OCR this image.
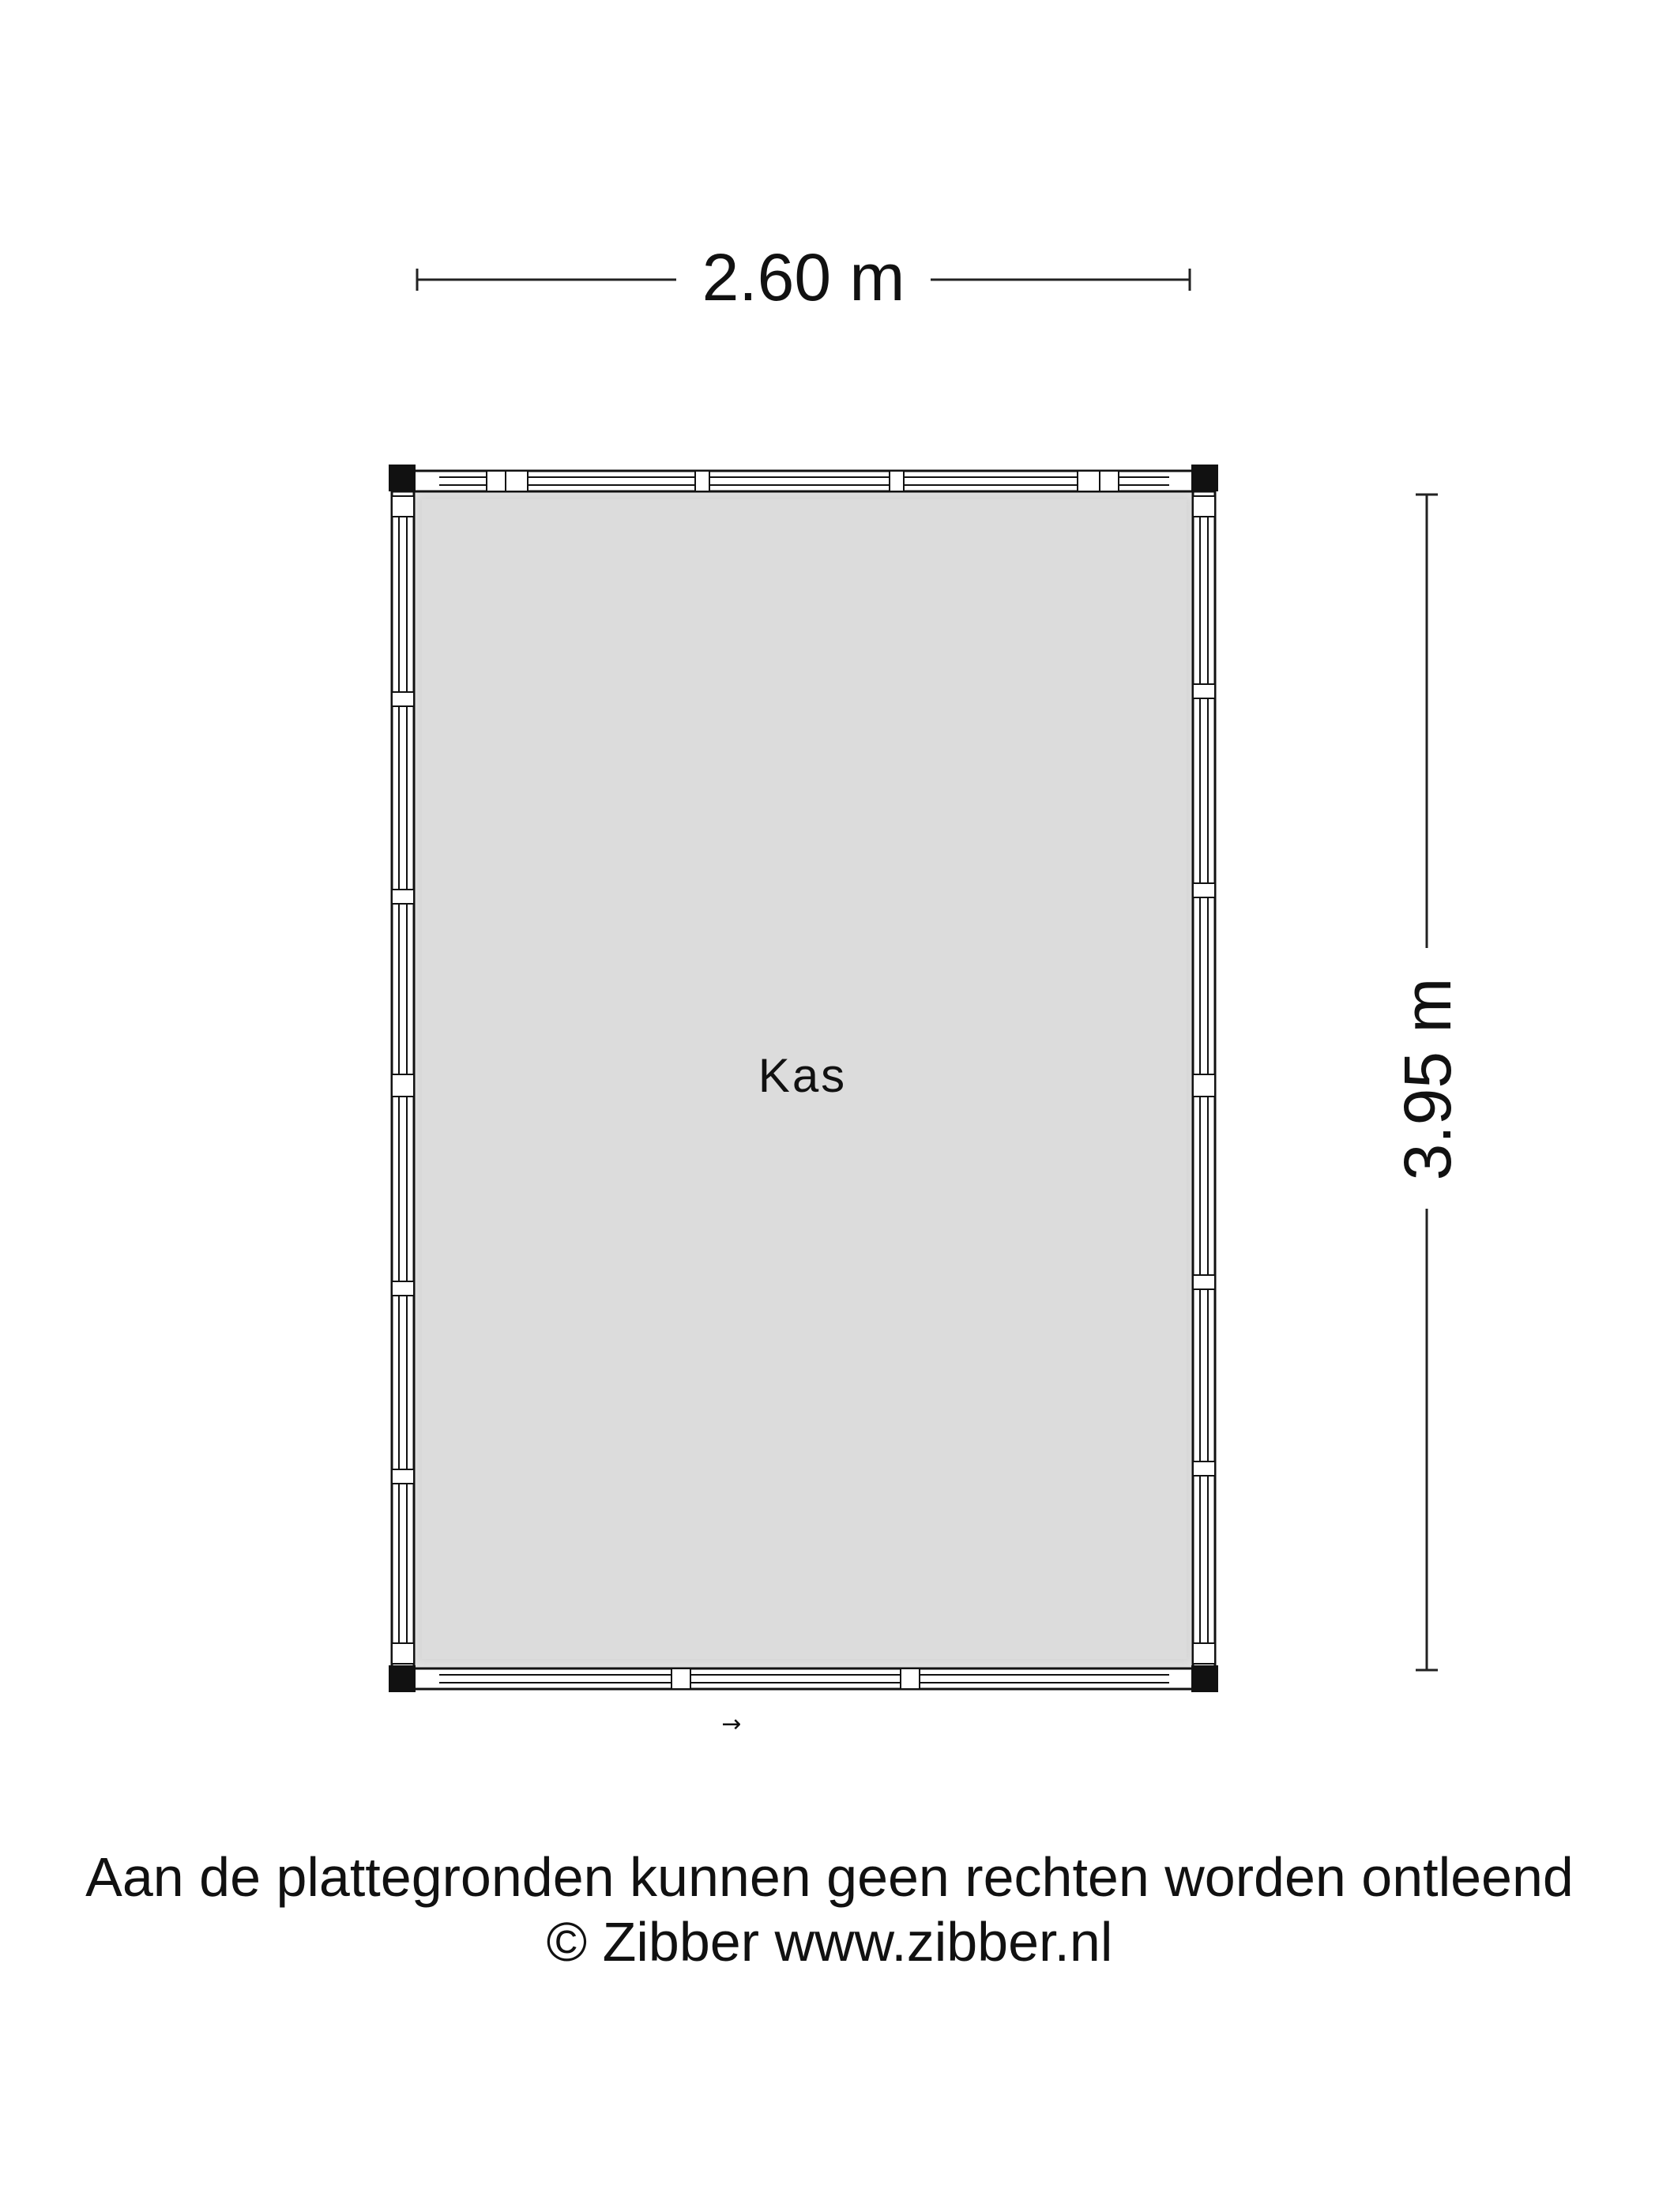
2.60 m
3.95 m
Kas
→
Aan de plattegronden kunnen geen rechten worden ontleend
© Zibber www.zibber.nl
